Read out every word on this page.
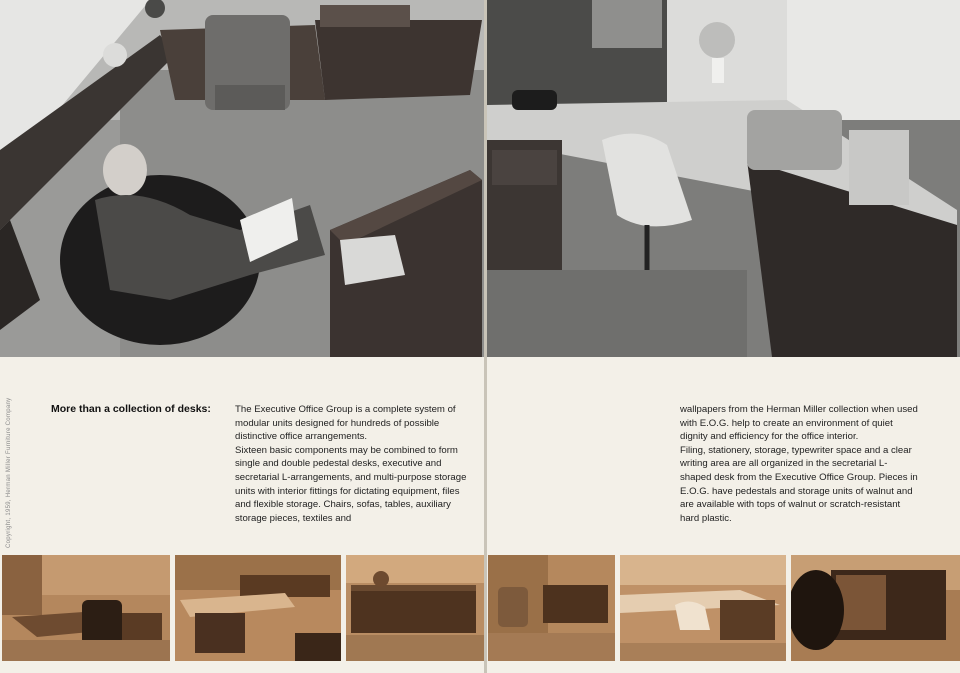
More than a collection of desks:	The Executive Office Group is a complete system of modular units designed for hundreds of possible distinctive office arrangements.

Sixteen basic components may be combined to form single and double pedestal desks, executive and secretarial L-arrangements, and multi-purpose storage units with interior fittings for dictating equipment, files and flexible storage. Chairs, sofas, tables, auxiliary storage pieces, textiles and

Copyright, 1959, Herman Miller Furniture Company	wallpapers from the Herman Miller collection when used with E.O.G. help to create an environment of quiet dignity and efficiency for the office interior.

Filing, stationery, storage, typewriter space and a clear writing area are all organized in the secretarial L-shaped desk from the Executive Office Group. Pieces in E.O.G. have pedestals and storage units of walnut and are available with tops of walnut or scratch-resistant hard plastic.
